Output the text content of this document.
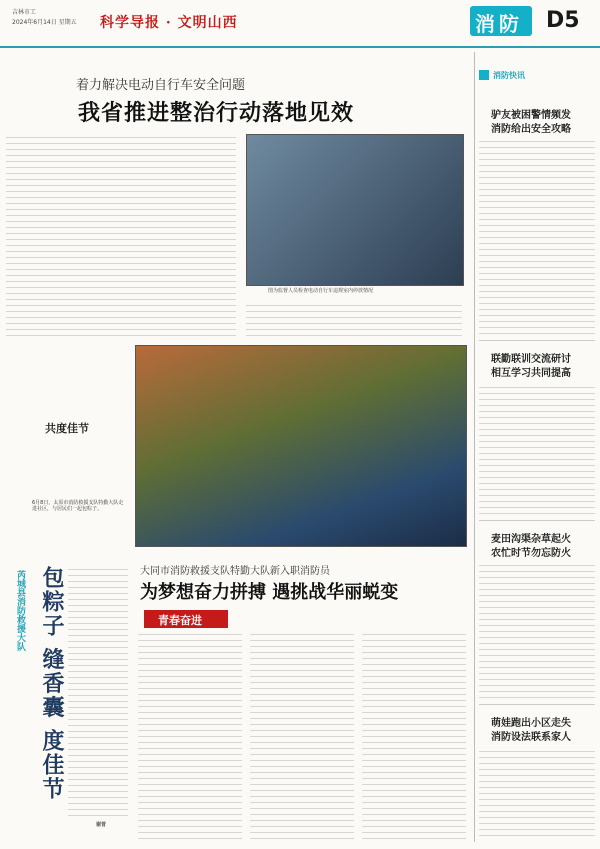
吉林市工
2024年6月14日 星期五 科学导报 · 文明山西	消防 D5
着力解决电动自行车安全问题
我省推进整治行动落地见效
图为监督人员检查电动自行车违规室内停放情况
共度佳节
6月8日，太原市消防救援支队特勤大队走进社区，与居民们一起包粽子。
包粽子 缝香囊 度佳节
芮城县消防救援大队
谢晋
大同市消防救援支队特勤大队新入职消防员
为梦想奋力拼搏 遇挑战华丽蜕变
青春奋进
消防快讯
驴友被困警情频发
消防给出安全攻略
联勤联训交流研讨
相互学习共同提高
麦田沟渠杂草起火
农忙时节勿忘防火
萌娃跑出小区走失
消防设法联系家人
